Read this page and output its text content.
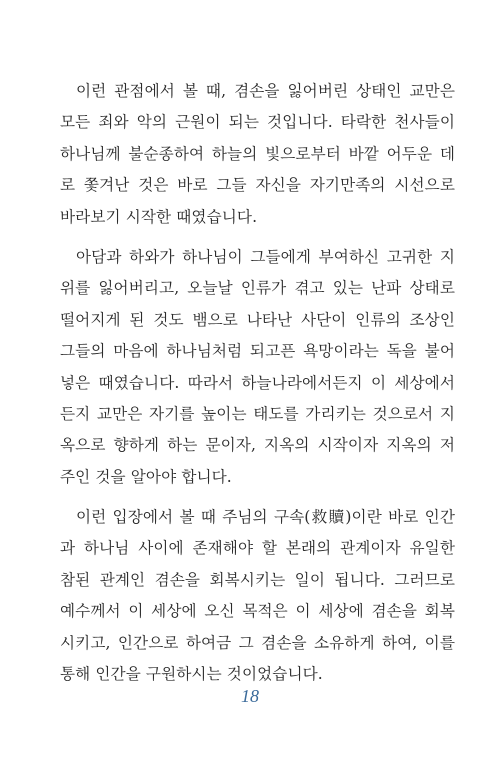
이런 관점에서 볼 때, 겸손을 잃어버린 상태인 교만은
모든 죄와 악의 근원이 되는 것입니다. 타락한 천사들이
하나님께 불순종하여 하늘의 빛으로부터 바깥 어두운 데
로 쫓겨난 것은 바로 그들 자신을 자기만족의 시선으로
바라보기 시작한 때였습니다.
아담과 하와가 하나님이 그들에게 부여하신 고귀한 지
위를 잃어버리고, 오늘날 인류가 겪고 있는 난파 상태로
떨어지게 된 것도 뱀으로 나타난 사단이 인류의 조상인
그들의 마음에 하나님처럼 되고픈 욕망이라는 독을 불어
넣은 때였습니다. 따라서 하늘나라에서든지 이 세상에서
든지 교만은 자기를 높이는 태도를 가리키는 것으로서 지
옥으로 향하게 하는 문이자, 지옥의 시작이자 지옥의 저
주인 것을 알아야 합니다.
이런 입장에서 볼 때 주님의 구속(救贖)이란 바로 인간
과 하나님 사이에 존재해야 할 본래의 관계이자 유일한
참된 관계인 겸손을 회복시키는 일이 됩니다. 그러므로
예수께서 이 세상에 오신 목적은 이 세상에 겸손을 회복
시키고, 인간으로 하여금 그 겸손을 소유하게 하여, 이를
통해 인간을 구원하시는 것이었습니다.
18
